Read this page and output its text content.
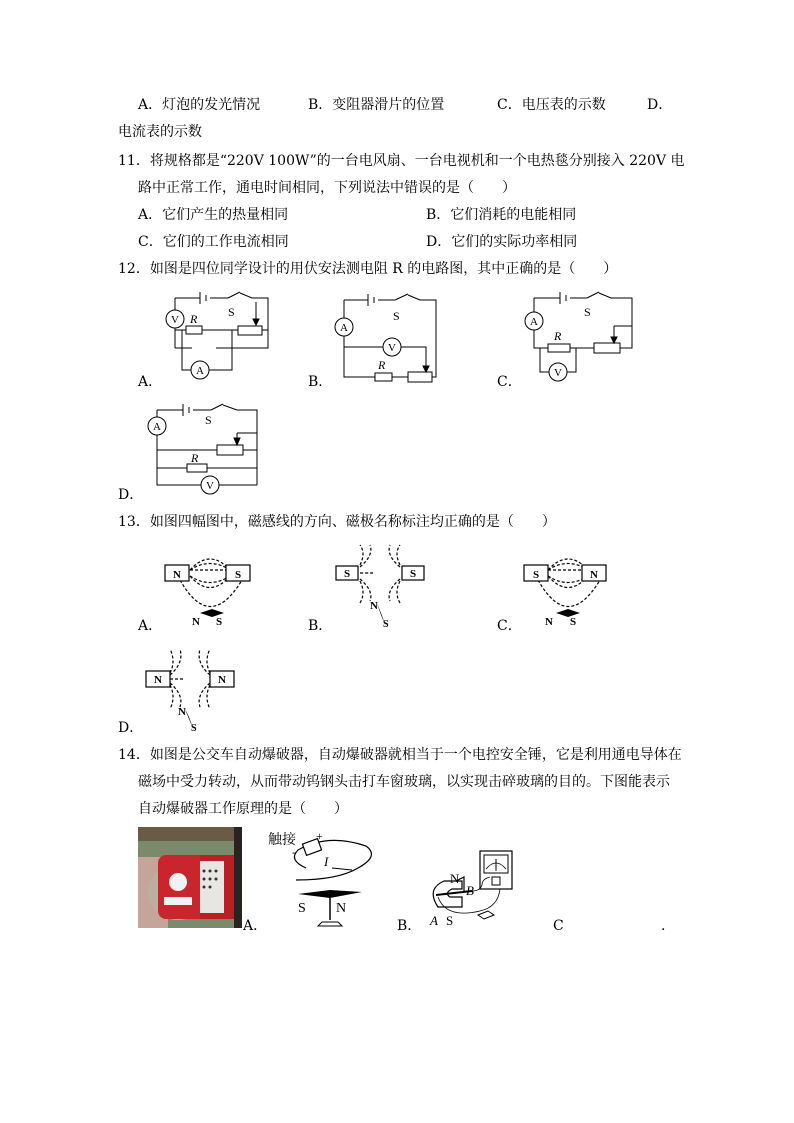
A．灯泡的发光情况	B．变阻器滑片的位置	C．电压表的示数	D．
电流表的示数
11．将规格都是“220V 100W”的一台电风扇、一台电视机和一个电热毯分别接入 220V 电
路中正常工作，通电时间相同，下列说法中错误的是（　　）
A．它们产生的热量相同	B．它们消耗的电能相同
C．它们的工作电流相同	D．它们的实际功率相同
12．如图是四位同学设计的用伏安法测电阻 R 的电路图，其中正确的是（　　）
V
A
S
R
A．
A
V
S
R
B．
A
V
S
R
C．
A
V
S
R
D．
13．如图四幅图中，磁感线的方向、磁极名称标注均正确的是（　　）
N	S
N S
A．
S	S
N
S
B．
S	N
N S
C．
N	N
N
S
D．
14．如图是公交车自动爆破器，自动爆破器就相当于一个电控安全锤，它是利用通电导体在
磁场中受力转动，从而带动钨钢头击打车窗玻璃，以实现击碎玻璃的目的。下图能表示
自动爆破器工作原理的是（　　）
A．
触接
-
+
I
S N
B．
N
B
A S	C	.
